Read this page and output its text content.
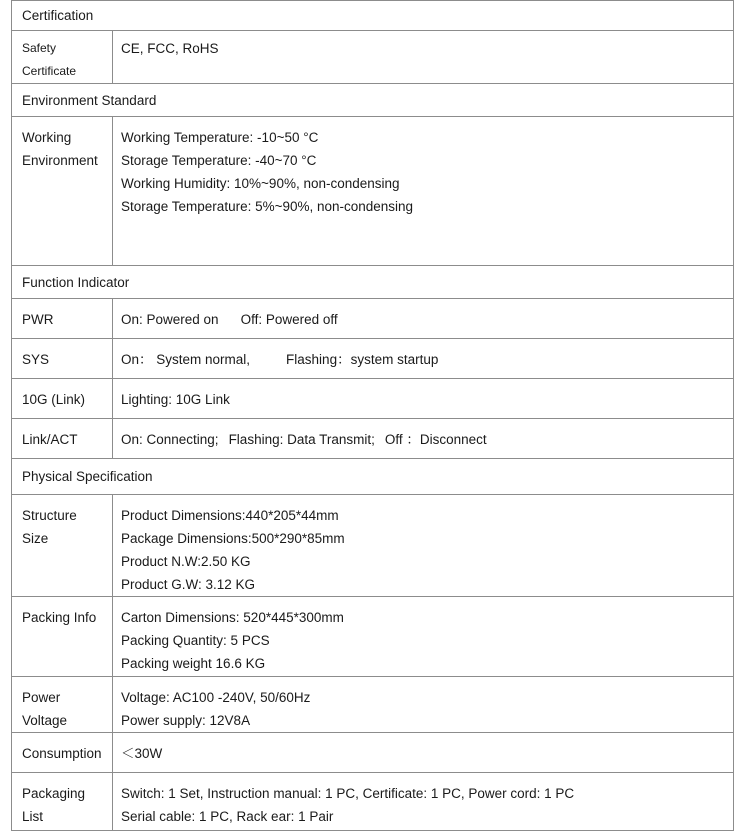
Certification	
Safety Certificate	CE, FCC, RoHS
Environment Standard	

Working
Environment	Working Temperature: -10~50 °C
Storage Temperature: -40~70 °C
Working Humidity: 10%~90%, non-condensing
Storage Temperature: 5%~90%, non-condensing

Function Indicator	
PWR	On: Powered on Off: Powered off
SYS	On： System normal, Flashing：system startup
10G (Link)	Lighting: 10G Link
Link/ACT	On: Connecting; Flashing: Data Transmit; Off ：Disconnect
Physical Specification	
Structure Size	Product Dimensions:440*205*44mm
Package Dimensions:500*290*85mm
Product N.W:2.50 KG
Product G.W: 3.12 KG

Packing Info	Carton Dimensions: 520*445*300mm
Packing Quantity: 5 PCS
Packing weight 16.6 KG

Power Voltage	Voltage: AC100 -240V, 50/60Hz
Power supply: 12V8A

Consumption	＜30W
Packaging List	Switch: 1 Set, Instruction manual: 1 PC, Certificate: 1 PC, Power cord: 1 PC
Serial cable: 1 PC, Rack ear: 1 Pair
